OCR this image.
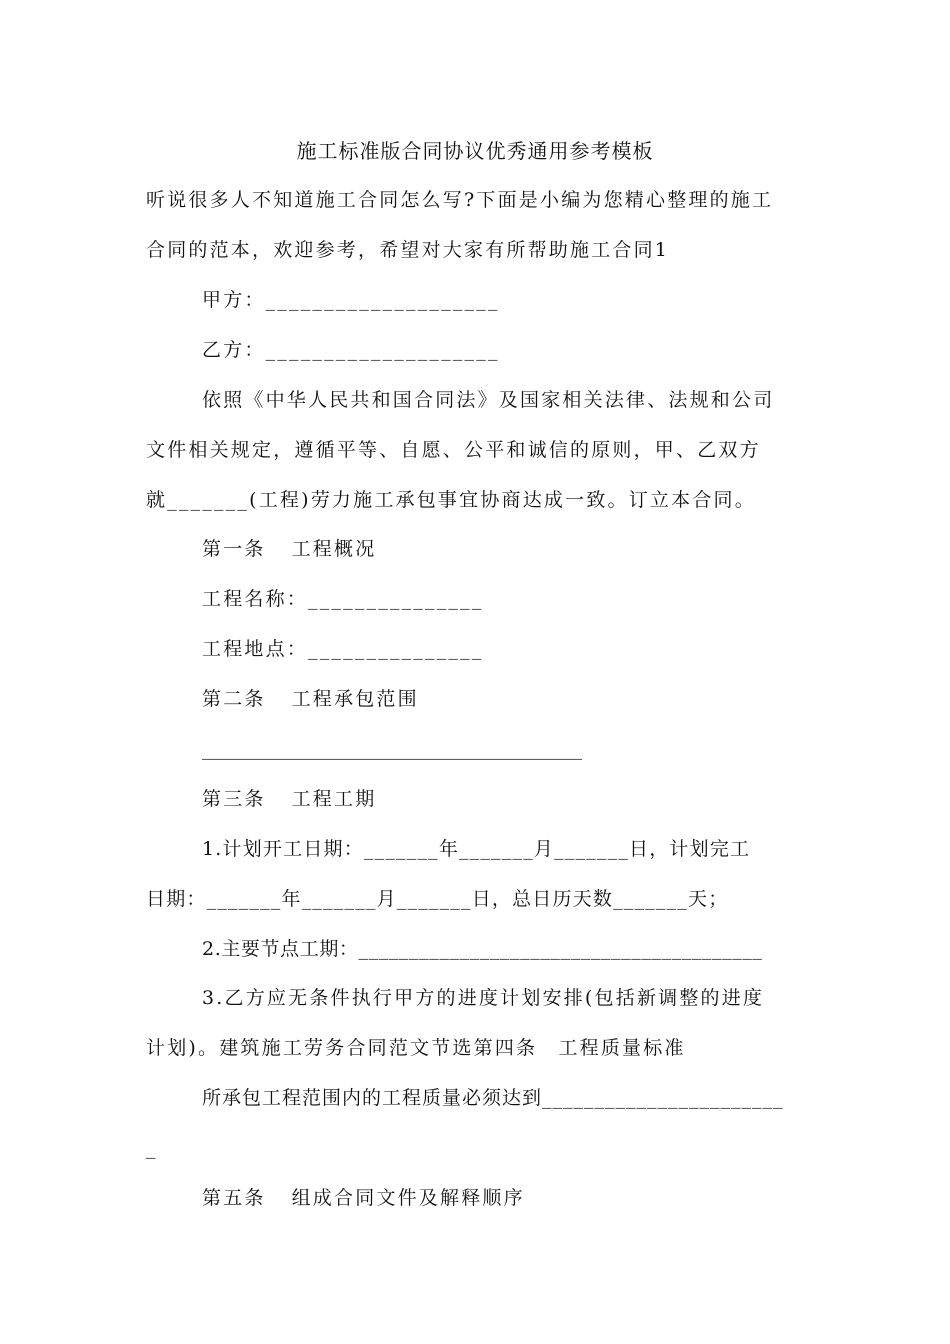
施工标准版合同协议优秀通用参考模板
听说很多人不知道施工合同怎么写?下面是小编为您精心整理的施工
合同的范本，欢迎参考，希望对大家有所帮助施工合同1
甲方：____________________
乙方：____________________
依照《中华人民共和国合同法》及国家相关法律、法规和公司
文件相关规定，遵循平等、自愿、公平和诚信的原则，甲、乙双方
就_______(工程)劳力施工承包事宜协商达成一致。订立本合同。
第一条 工程概况
工程名称：_______________
工程地点：_______________
第二条 工程承包范围
________________________________________
第三条 工程工期
1.计划开工日期：_______年_______月_______日，计划完工
日期：_______年_______月_______日，总日历天数_______天；
2.主要节点工期：________________________________________
3.乙方应无条件执行甲方的进度计划安排(包括新调整的进度
计划)。建筑施工劳务合同范文节选第四条　工程质量标准
所承包工程范围内的工程质量必须达到_______________________
_
第五条 组成合同文件及解释顺序
